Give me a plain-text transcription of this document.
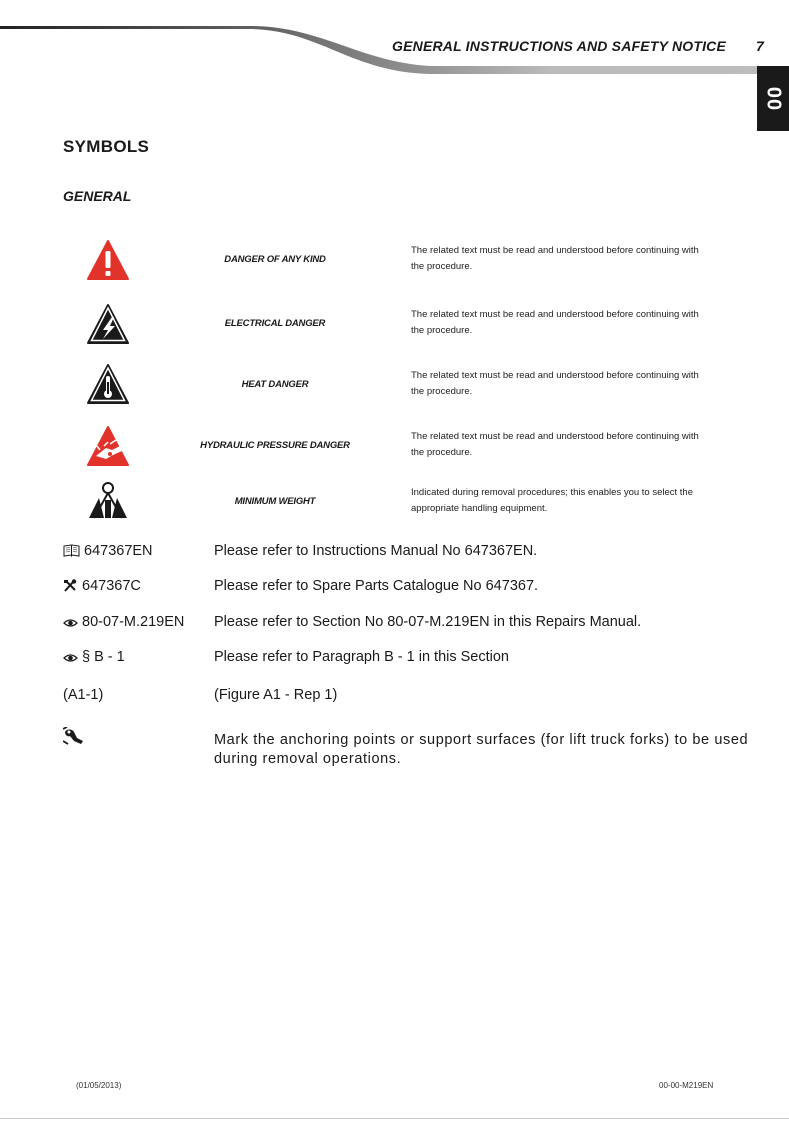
GENERAL INSTRUCTIONS AND SAFETY NOTICE 7
00
SYMBOLS
GENERAL
DANGER OF ANY KIND
The related text must be read and understood before continuing with
the procedure.
ELECTRICAL DANGER
The related text must be read and understood before continuing with
the procedure.
HEAT DANGER
The related text must be read and understood before continuing with
the procedure.
HYDRAULIC PRESSURE DANGER
The related text must be read and understood before continuing with
the procedure.
MINIMUM WEIGHT
Indicated during removal procedures; this enables you to select the
appropriate handling equipment.
647367EN	Please refer to Instructions Manual No 647367EN.
647367C	Please refer to Spare Parts Catalogue No 647367.
80-07-M.219EN Please refer to Section No 80-07-M.219EN in this Repairs Manual.
§ B - 1	Please refer to Paragraph B - 1 in this Section
(A1-1)	(Figure A1 - Rep 1)
Mark the anchoring points or support surfaces (for lift truck forks) to be used during removal operations.
(01/05/2013)	00-00-M219EN
